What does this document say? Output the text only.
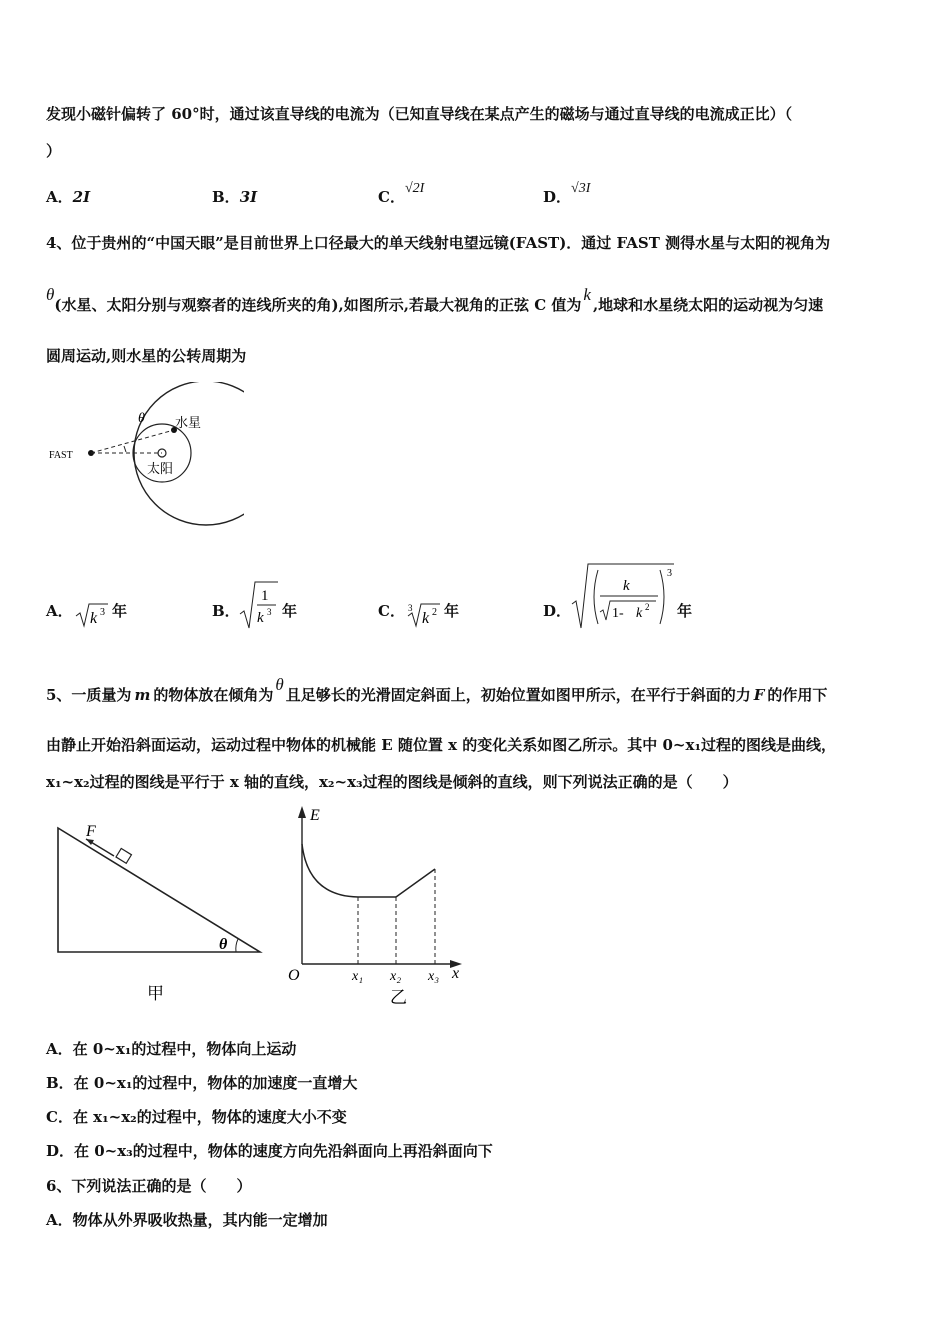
发现小磁针偏转了 60°时，通过该直导线的电流为（已知直导线在某点产生的磁场与通过直导线的电流成正比）（
）
A．2I	B．3I	C．√2I	D．√3I
4、位于贵州的“中国天眼”是目前世界上口径最大的单天线射电望远镜(FAST)．通过 FAST 测得水星与太阳的视角为
θ(水星、太阳分别与观察者的连线所夹的角),如图所示,若最大视角的正弦 C 值为k,地球和水星绕太阳的运动视为匀速
圆周运动,则水星的公转周期为
FAST
水星
太阳
θ
A． k 3 年	B．
1
k 3 年	C． 3
k 2 年	D．
3
k
1- k 2 年
5、一质量为 m 的物体放在倾角为θ且足够长的光滑固定斜面上，初始位置如图甲所示，在平行于斜面的力 F 的作用下
由静止开始沿斜面运动，运动过程中物体的机械能 E 随位置 x 的变化关系如图乙所示。其中 0~x₁过程的图线是曲线，
x₁~x₂过程的图线是平行于 x 轴的直线，x₂~x₃过程的图线是倾斜的直线，则下列说法正确的是（　　）
F
θ
甲
E
O	x₁ x₂ x₃ x
乙
A．在 0~x₁的过程中，物体向上运动
B．在 0~x₁的过程中，物体的加速度一直增大
C．在 x₁~x₂的过程中，物体的速度大小不变
D．在 0~x₃的过程中，物体的速度方向先沿斜面向上再沿斜面向下
6、下列说法正确的是（　　）
A．物体从外界吸收热量，其内能一定增加
